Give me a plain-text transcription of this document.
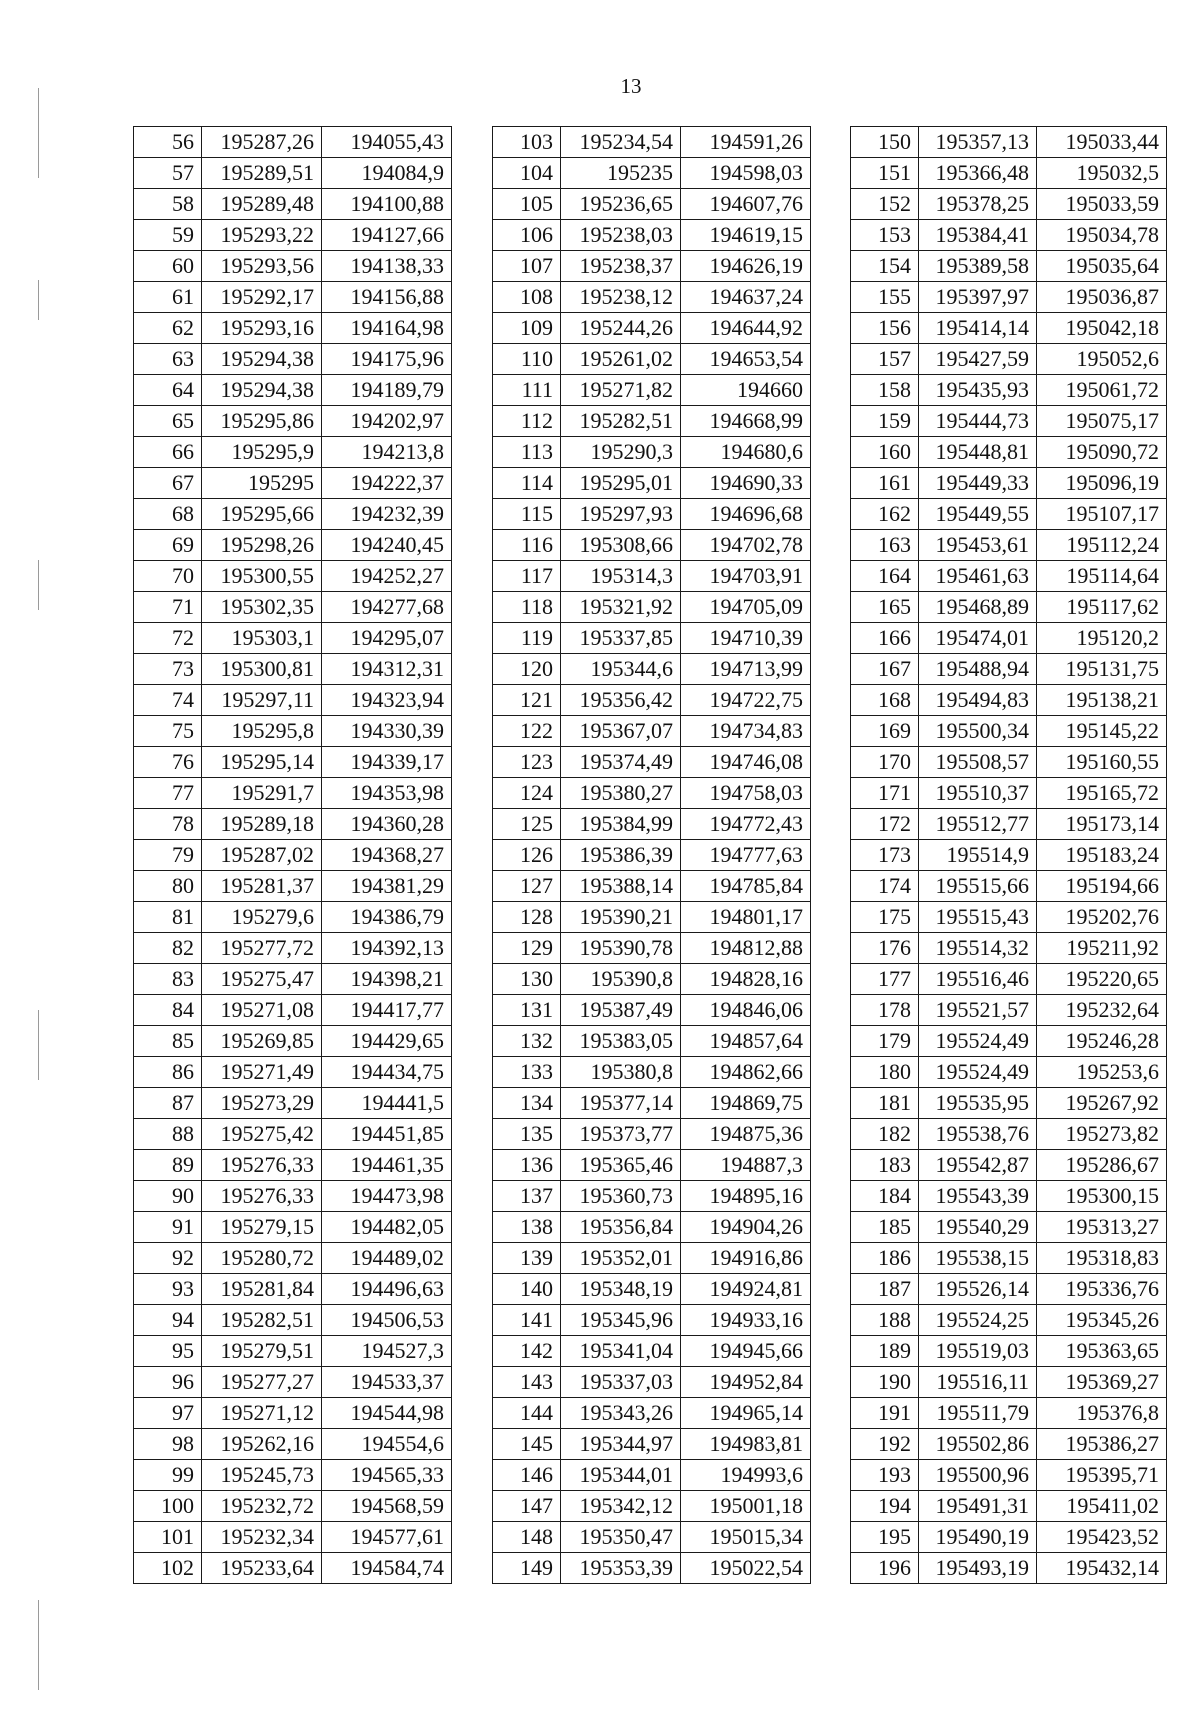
13
56	195287,26	194055,43
57	195289,51	194084,9
58	195289,48	194100,88
59	195293,22	194127,66
60	195293,56	194138,33
61	195292,17	194156,88
62	195293,16	194164,98
63	195294,38	194175,96
64	195294,38	194189,79
65	195295,86	194202,97
66	195295,9	194213,8
67	195295	194222,37
68	195295,66	194232,39
69	195298,26	194240,45
70	195300,55	194252,27
71	195302,35	194277,68
72	195303,1	194295,07
73	195300,81	194312,31
74	195297,11	194323,94
75	195295,8	194330,39
76	195295,14	194339,17
77	195291,7	194353,98
78	195289,18	194360,28
79	195287,02	194368,27
80	195281,37	194381,29
81	195279,6	194386,79
82	195277,72	194392,13
83	195275,47	194398,21
84	195271,08	194417,77
85	195269,85	194429,65
86	195271,49	194434,75
87	195273,29	194441,5
88	195275,42	194451,85
89	195276,33	194461,35
90	195276,33	194473,98
91	195279,15	194482,05
92	195280,72	194489,02
93	195281,84	194496,63
94	195282,51	194506,53
95	195279,51	194527,3
96	195277,27	194533,37
97	195271,12	194544,98
98	195262,16	194554,6
99	195245,73	194565,33
100	195232,72	194568,59
101	195232,34	194577,61
102	195233,64	194584,74
103	195234,54	194591,26
104	195235	194598,03
105	195236,65	194607,76
106	195238,03	194619,15
107	195238,37	194626,19
108	195238,12	194637,24
109	195244,26	194644,92
110	195261,02	194653,54
111	195271,82	194660
112	195282,51	194668,99
113	195290,3	194680,6
114	195295,01	194690,33
115	195297,93	194696,68
116	195308,66	194702,78
117	195314,3	194703,91
118	195321,92	194705,09
119	195337,85	194710,39
120	195344,6	194713,99
121	195356,42	194722,75
122	195367,07	194734,83
123	195374,49	194746,08
124	195380,27	194758,03
125	195384,99	194772,43
126	195386,39	194777,63
127	195388,14	194785,84
128	195390,21	194801,17
129	195390,78	194812,88
130	195390,8	194828,16
131	195387,49	194846,06
132	195383,05	194857,64
133	195380,8	194862,66
134	195377,14	194869,75
135	195373,77	194875,36
136	195365,46	194887,3
137	195360,73	194895,16
138	195356,84	194904,26
139	195352,01	194916,86
140	195348,19	194924,81
141	195345,96	194933,16
142	195341,04	194945,66
143	195337,03	194952,84
144	195343,26	194965,14
145	195344,97	194983,81
146	195344,01	194993,6
147	195342,12	195001,18
148	195350,47	195015,34
149	195353,39	195022,54
150	195357,13	195033,44
151	195366,48	195032,5
152	195378,25	195033,59
153	195384,41	195034,78
154	195389,58	195035,64
155	195397,97	195036,87
156	195414,14	195042,18
157	195427,59	195052,6
158	195435,93	195061,72
159	195444,73	195075,17
160	195448,81	195090,72
161	195449,33	195096,19
162	195449,55	195107,17
163	195453,61	195112,24
164	195461,63	195114,64
165	195468,89	195117,62
166	195474,01	195120,2
167	195488,94	195131,75
168	195494,83	195138,21
169	195500,34	195145,22
170	195508,57	195160,55
171	195510,37	195165,72
172	195512,77	195173,14
173	195514,9	195183,24
174	195515,66	195194,66
175	195515,43	195202,76
176	195514,32	195211,92
177	195516,46	195220,65
178	195521,57	195232,64
179	195524,49	195246,28
180	195524,49	195253,6
181	195535,95	195267,92
182	195538,76	195273,82
183	195542,87	195286,67
184	195543,39	195300,15
185	195540,29	195313,27
186	195538,15	195318,83
187	195526,14	195336,76
188	195524,25	195345,26
189	195519,03	195363,65
190	195516,11	195369,27
191	195511,79	195376,8
192	195502,86	195386,27
193	195500,96	195395,71
194	195491,31	195411,02
195	195490,19	195423,52
196	195493,19	195432,14
